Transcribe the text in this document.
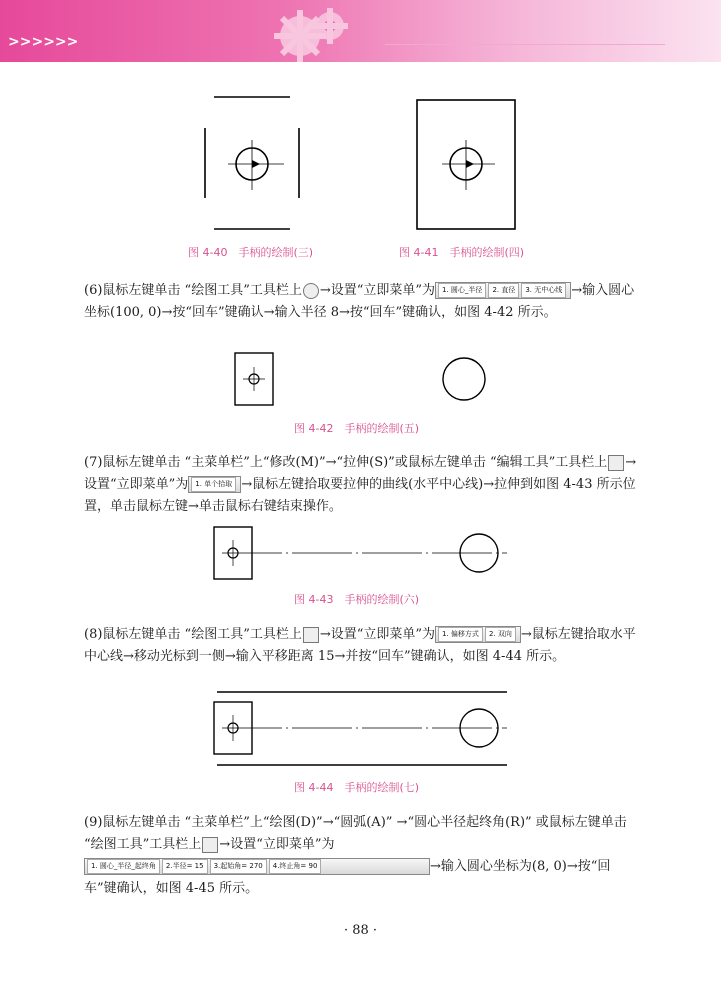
>>>>>>
图 4-40　手柄的绘制(三)	图 4-41　手柄的绘制(四)
(6)鼠标左键单击 “绘图工具”工具栏上 →设置“立即菜单”为 1. 圆心_半径 2. 直径 3. 无中心线 →输入圆心坐标(100, 0)→按“回车”键确认→输入半径 8→按“回车”键确认，如图 4-42 所示。
图 4-42　手柄的绘制(五)
(7)鼠标左键单击 “主菜单栏”上“修改(M)”→“拉伸(S)”或鼠标左键单击 “编辑工具”工具栏上 →设置“立即菜单”为 1. 单个拾取 →鼠标左键拾取要拉伸的曲线(水平中心线)→拉伸到如图 4-43 所示位置，单击鼠标左键→单击鼠标右键结束操作。
图 4-43　手柄的绘制(六)
(8)鼠标左键单击 “绘图工具”工具栏上 →设置“立即菜单”为 1. 偏移方式 2. 双向 →鼠标左键拾取水平中心线→移动光标到一侧→输入平移距离 15→并按“回车”键确认，如图 4-44 所示。
图 4-44　手柄的绘制(七)
(9)鼠标左键单击 “主菜单栏”上“绘图(D)”→“圆弧(A)” →“圆心半径起终角(R)” 或鼠标左键单击 “绘图工具”工具栏上 →设置“立即菜单”为
1. 圆心_半径_起终角 2.半径= 15 3.起始角= 270 4.终止角= 90	→输入圆心坐标为(8, 0)→按“回车”键确认，如图 4-45 所示。
· 88 ·
